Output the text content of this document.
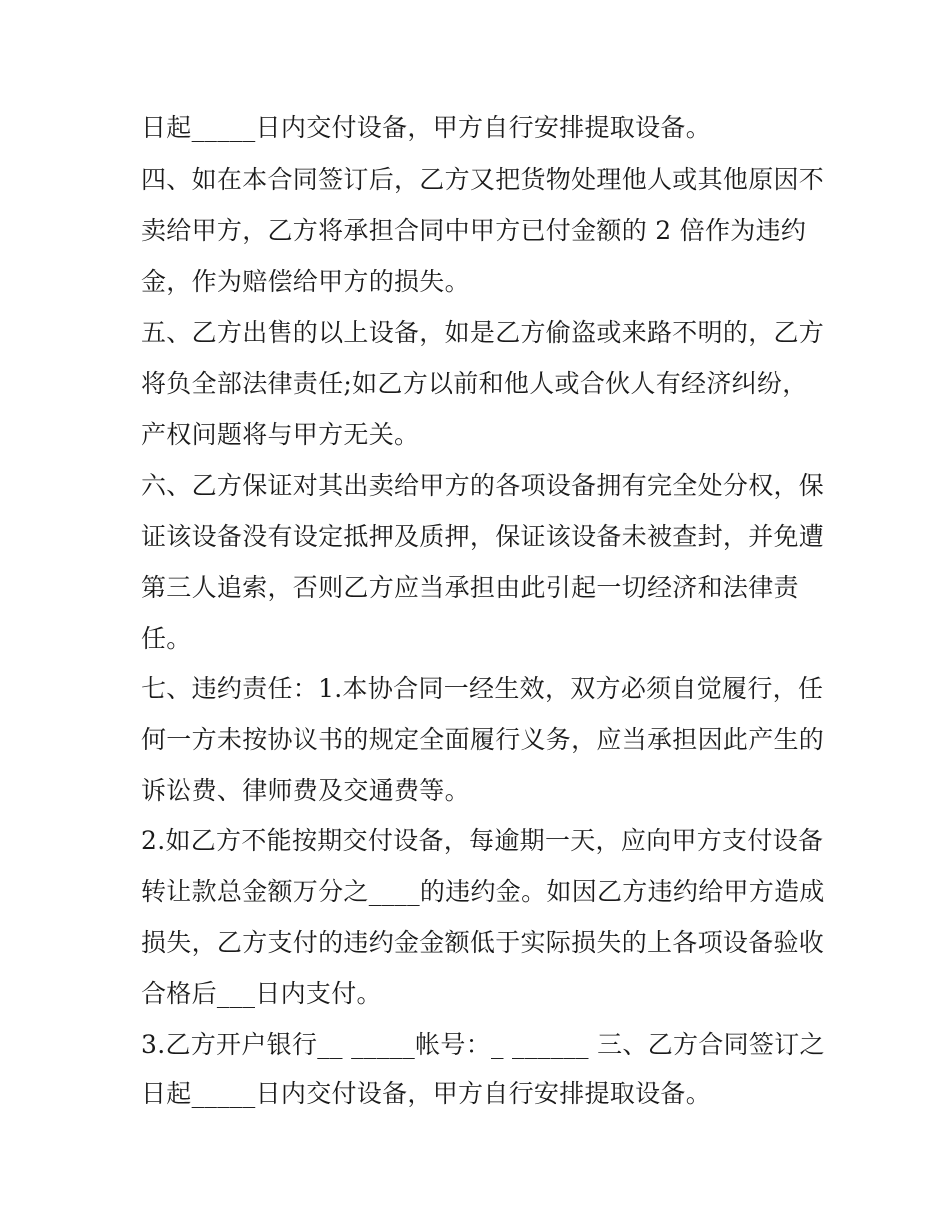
日起_____日内交付设备，甲方自行安排提取设备。
四、如在本合同签订后，乙方又把货物处理他人或其他原因不
卖给甲方，乙方将承担合同中甲方已付金额的 2 倍作为违约
金，作为赔偿给甲方的损失。
五、乙方出售的以上设备，如是乙方偷盗或来路不明的，乙方
将负全部法律责任;如乙方以前和他人或合伙人有经济纠纷，
产权问题将与甲方无关。
六、乙方保证对其出卖给甲方的各项设备拥有完全处分权，保
证该设备没有设定抵押及质押，保证该设备未被查封，并免遭
第三人追索，否则乙方应当承担由此引起一切经济和法律责
任。
七、违约责任：1.本协合同一经生效，双方必须自觉履行，任
何一方未按协议书的规定全面履行义务，应当承担因此产生的
诉讼费、律师费及交通费等。
2.如乙方不能按期交付设备，每逾期一天，应向甲方支付设备
转让款总金额万分之____的违约金。如因乙方违约给甲方造成
损失，乙方支付的违约金金额低于实际损失的上各项设备验收
合格后___日内支付。
3.乙方开户银行__ _____帐号：_ ______ 三、乙方合同签订之
日起_____日内交付设备，甲方自行安排提取设备。
